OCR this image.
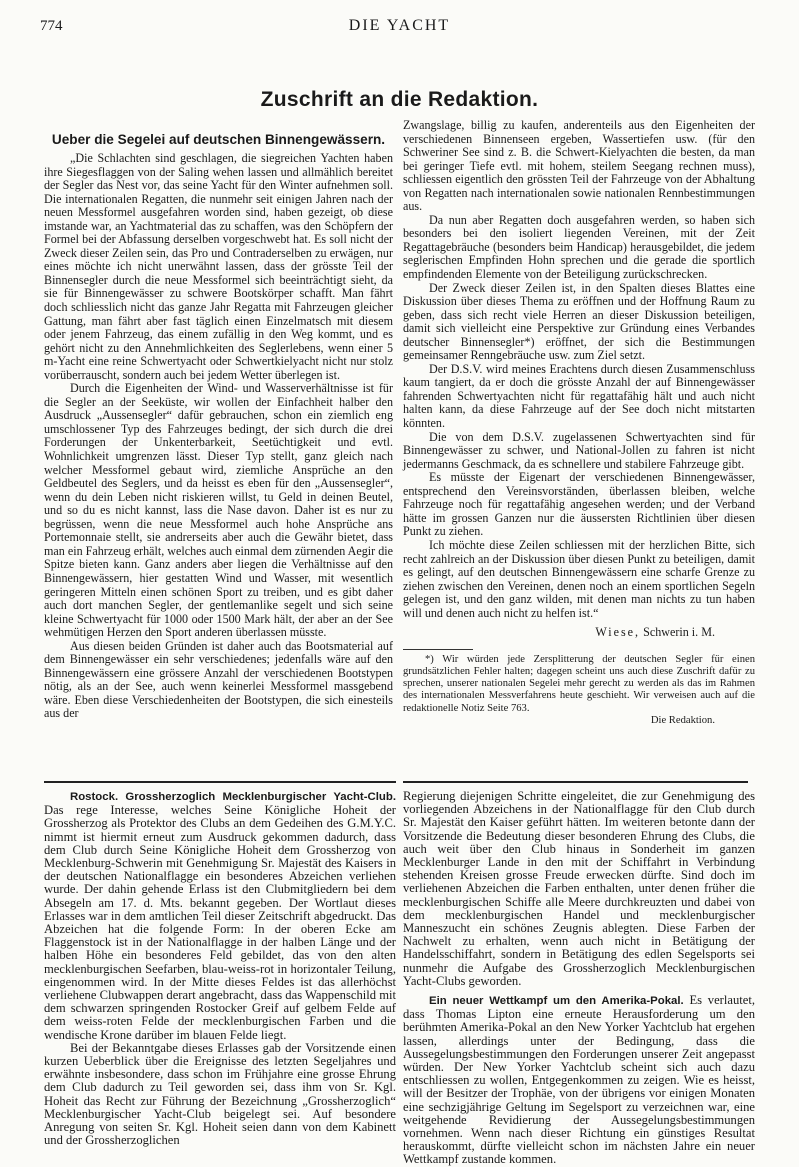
774	DIE YACHT
Zuschrift an die Redaktion.

Ueber die Segelei auf deutschen Binnengewässern.

„Die Schlachten sind geschlagen, die siegreichen Yachten haben ihre Siegesflaggen von der Saling wehen lassen und allmählich bereitet der Segler das Nest vor, das seine Yacht für den Winter aufnehmen soll. Die internationalen Regatten, die nunmehr seit einigen Jahren nach der neuen Messformel ausgefahren worden sind, haben gezeigt, ob diese imstande war, an Yachtmaterial das zu schaffen, was den Schöpfern der Formel bei der Abfassung derselben vorgeschwebt hat. Es soll nicht der Zweck dieser Zeilen sein, das Pro und Contraderselben zu erwägen, nur eines möchte ich nicht unerwähnt lassen, dass der grösste Teil der Binnensegler durch die neue Messformel sich beeinträchtigt sieht, da sie für Binnengewässer zu schwere Bootskörper schafft. Man fährt doch schliesslich nicht das ganze Jahr Regatta mit Fahrzeugen gleicher Gattung, man fährt aber fast täglich einen Einzelmatsch mit diesem oder jenem Fahrzeug, das einem zufällig in den Weg kommt, und es gehört nicht zu den Annehmlichkeiten des Seglerlebens, wenn einer 5 m-Yacht eine reine Schwertyacht oder Schwertkielyacht nicht nur stolz vorüberrauscht, sondern auch bei jedem Wetter überlegen ist.

Durch die Eigenheiten der Wind- und Wasserverhältnisse ist für die Segler an der Seeküste, wir wollen der Einfachheit halber den Ausdruck „Aussensegler“ dafür gebrauchen, schon ein ziemlich eng umschlossener Typ des Fahrzeuges bedingt, der sich durch die drei Forderungen der Unkenterbarkeit, Seetüchtigkeit und evtl. Wohnlichkeit umgrenzen lässt. Dieser Typ stellt, ganz gleich nach welcher Messformel gebaut wird, ziemliche Ansprüche an den Geldbeutel des Seglers, und da heisst es eben für den „Aussensegler“, wenn du dein Leben nicht riskieren willst, tu Geld in deinen Beutel, und so du es nicht kannst, lass die Nase davon. Daher ist es nur zu begrüssen, wenn die neue Messformel auch hohe Ansprüche ans Portemonnaie stellt, sie andrerseits aber auch die Gewähr bietet, dass man ein Fahrzeug erhält, welches auch einmal dem zürnenden Aegir die Spitze bieten kann. Ganz anders aber liegen die Verhältnisse auf den Binnengewässern, hier gestatten Wind und Wasser, mit wesentlich geringeren Mitteln einen schönen Sport zu treiben, und es gibt daher auch dort manchen Segler, der gentlemanlike segelt und sich seine kleine Schwertyacht für 1000 oder 1500 Mark hält, der aber an der See wehmütigen Herzen den Sport anderen überlassen müsste.

Aus diesen beiden Gründen ist daher auch das Bootsmaterial auf dem Binnengewässer ein sehr verschiedenes; jedenfalls wäre auf den Binnengewässern eine grössere Anzahl der verschiedenen Bootstypen nötig, als an der See, auch wenn keinerlei Messformel massgebend wäre. Eben diese Verschiedenheiten der Bootstypen, die sich einesteils aus der

Zwangslage, billig zu kaufen, anderenteils aus den Eigenheiten der verschiedenen Binnenseen ergeben, Wassertiefen usw. (für den Schweriner See sind z. B. die Schwert-Kielyachten die besten, da man bei geringer Tiefe evtl. mit hohem, steilem Seegang rechnen muss), schliessen eigentlich den grössten Teil der Fahrzeuge von der Abhaltung von Regatten nach internationalen sowie nationalen Rennbestimmungen aus.

Da nun aber Regatten doch ausgefahren werden, so haben sich besonders bei den isoliert liegenden Vereinen, mit der Zeit Regattagebräuche (besonders beim Handicap) herausgebildet, die jedem seglerischen Empfinden Hohn sprechen und die gerade die sportlich empfindenden Elemente von der Beteiligung zurückschrecken.

Der Zweck dieser Zeilen ist, in den Spalten dieses Blattes eine Diskussion über dieses Thema zu eröffnen und der Hoffnung Raum zu geben, dass sich recht viele Herren an dieser Diskussion beteiligen, damit sich vielleicht eine Perspektive zur Gründung eines Verbandes deutscher Binnensegler*) eröffnet, der sich die Bestimmungen gemeinsamer Renngebräuche usw. zum Ziel setzt.

Der D.S.V. wird meines Erachtens durch diesen Zusammenschluss kaum tangiert, da er doch die grösste Anzahl der auf Binnengewässer fahrenden Schwertyachten nicht für regattafähig hält und auch nicht halten kann, da diese Fahrzeuge auf der See doch nicht mitstarten könnten.

Die von dem D.S.V. zugelassenen Schwertyachten sind für Binnengewässer zu schwer, und National-Jollen zu fahren ist nicht jedermanns Geschmack, da es schnellere und stabilere Fahrzeuge gibt.

Es müsste der Eigenart der verschiedenen Binnengewässer, entsprechend den Vereinsvorständen, überlassen bleiben, welche Fahrzeuge noch für regattafähig angesehen werden; und der Verband hätte im grossen Ganzen nur die äussersten Richtlinien über diesen Punkt zu ziehen.

Ich möchte diese Zeilen schliessen mit der herzlichen Bitte, sich recht zahlreich an der Diskussion über diesen Punkt zu beteiligen, damit es gelingt, auf den deutschen Binnengewässern eine scharfe Grenze zu ziehen zwischen den Vereinen, denen noch an einem sportlichen Segeln gelegen ist, und den ganz wilden, mit denen man nichts zu tun haben will und denen auch nicht zu helfen ist.“

Wiese, Schwerin i. M.

*) Wir würden jede Zersplitterung der deutschen Segler für einen grundsätzlichen Fehler halten; dagegen scheint uns auch diese Zuschrift dafür zu sprechen, unserer nationalen Segelei mehr gerecht zu werden als das im Rahmen des internationalen Messverfahrens heute geschieht. Wir verweisen auch auf die redaktionelle Notiz Seite 763.
Die Redaktion.

Rostock. Grossherzoglich Mecklenburgischer Yacht-Club. Das rege Interesse, welches Seine Königliche Hoheit der Grossherzog als Protektor des Clubs an dem Gedeihen des G.M.Y.C. nimmt ist hiermit erneut zum Ausdruck gekommen dadurch, dass dem Club durch Seine Königliche Hoheit dem Grossherzog von Mecklenburg-Schwerin mit Genehmigung Sr. Majestät des Kaisers in der deutschen Nationalflagge ein besonderes Abzeichen verliehen wurde. Der dahin gehende Erlass ist den Clubmitgliedern bei dem Absegeln am 17. d. Mts. bekannt gegeben. Der Wortlaut dieses Erlasses war in dem amtlichen Teil dieser Zeitschrift abgedruckt. Das Abzeichen hat die folgende Form: In der oberen Ecke am Flaggenstock ist in der Nationalflagge in der halben Länge und der halben Höhe ein besonderes Feld gebildet, das von den alten mecklenburgischen Seefarben, blau-weiss-rot in horizontaler Teilung, eingenommen wird. In der Mitte dieses Feldes ist das allerhöchst verliehene Clubwappen derart angebracht, dass das Wappenschild mit dem schwarzen springenden Rostocker Greif auf gelbem Felde auf dem weiss-roten Felde der mecklenburgischen Farben und die wendische Krone darüber im blauen Felde liegt.

Bei der Bekanntgabe dieses Erlasses gab der Vorsitzende einen kurzen Ueberblick über die Ereignisse des letzten Segeljahres und erwähnte insbesondere, dass schon im Frühjahre eine grosse Ehrung dem Club dadurch zu Teil geworden sei, dass ihm von Sr. Kgl. Hoheit das Recht zur Führung der Bezeichnung „Grossherzoglich“ Mecklenburgischer Yacht-Club beigelegt sei. Auf besondere Anregung von seiten Sr. Kgl. Hoheit seien dann von dem Kabinett und der Grossherzoglichen

Regierung diejenigen Schritte eingeleitet, die zur Genehmigung des vorliegenden Abzeichens in der Nationalflagge für den Club durch Sr. Majestät den Kaiser geführt hätten. Im weiteren betonte dann der Vorsitzende die Bedeutung dieser besonderen Ehrung des Clubs, die auch weit über den Club hinaus in Sonderheit im ganzen Mecklenburger Lande in den mit der Schiffahrt in Verbindung stehenden Kreisen grosse Freude erwecken dürfte. Sind doch im verliehenen Abzeichen die Farben enthalten, unter denen früher die mecklenburgischen Schiffe alle Meere durchkreuzten und dabei von dem mecklenburgischen Handel und mecklenburgischer Manneszucht ein schönes Zeugnis ablegten. Diese Farben der Nachwelt zu erhalten, wenn auch nicht in Betätigung der Handelsschiffahrt, sondern in Betätigung des edlen Segelsports sei nunmehr die Aufgabe des Grossherzoglich Mecklenburgischen Yacht-Clubs geworden.

Ein neuer Wettkampf um den Amerika-Pokal. Es verlautet, dass Thomas Lipton eine erneute Herausforderung um den berühmten Amerika-Pokal an den New Yorker Yachtclub hat ergehen lassen, allerdings unter der Bedingung, dass die Aussegelungsbestimmungen den Forderungen unserer Zeit angepasst würden. Der New Yorker Yachtclub scheint sich auch dazu entschliessen zu wollen, Entgegenkommen zu zeigen. Wie es heisst, will der Besitzer der Trophäe, von der übrigens vor einigen Monaten eine sechzigjährige Geltung im Segelsport zu verzeichnen war, eine weitgehende Revidierung der Aussegelungsbestimmungen vornehmen. Wenn nach dieser Richtung ein günstiges Resultat herauskommt, dürfte vielleicht schon im nächsten Jahre ein neuer Wettkampf zustande kommen.
